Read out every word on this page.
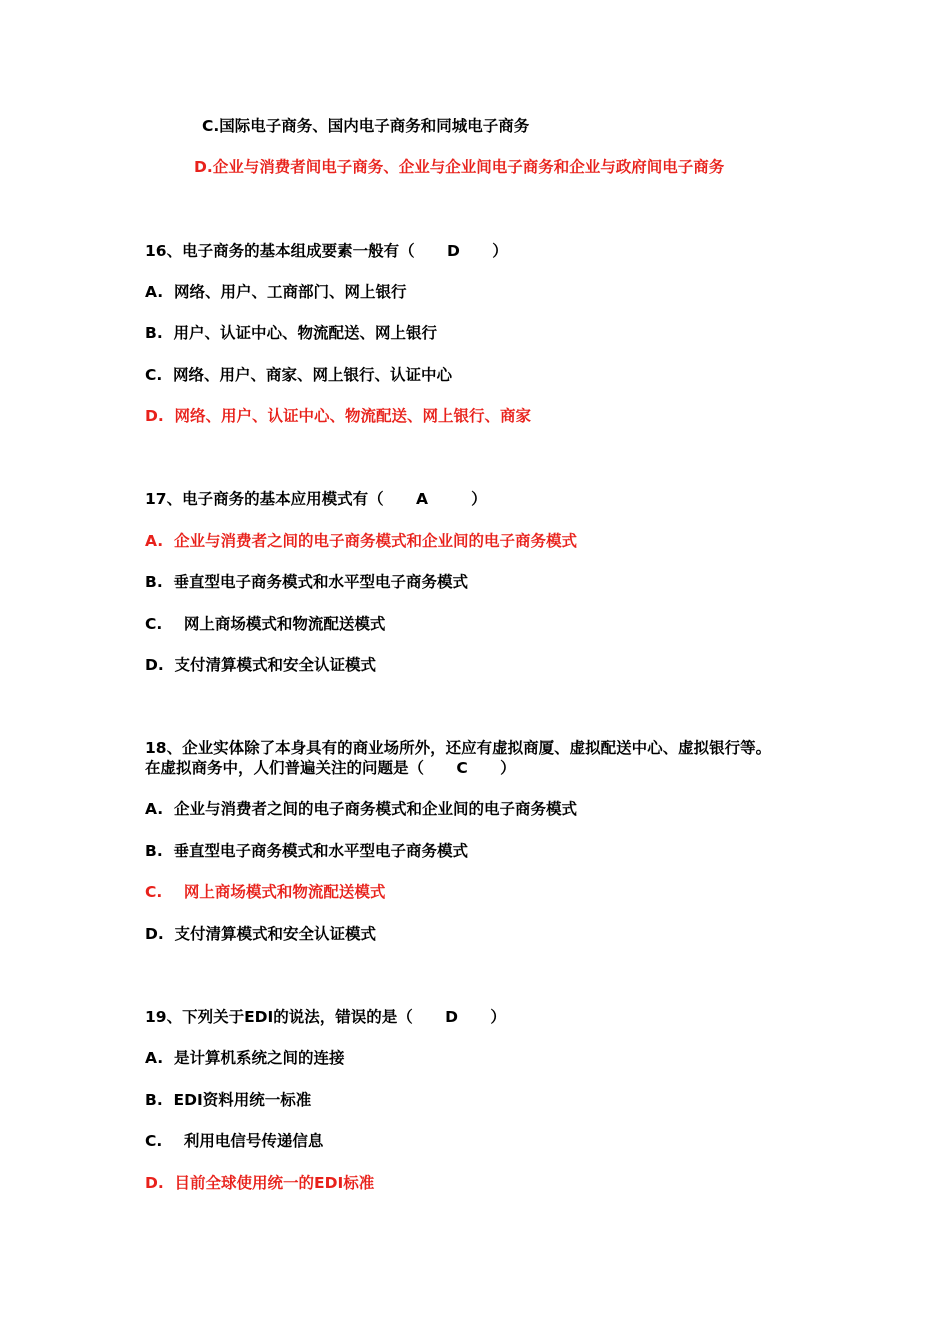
C.国际电子商务、国内电子商务和同城电子商务
D.企业与消费者间电子商务、企业与企业间电子商务和企业与政府间电子商务
16、电子商务的基本组成要素一般有（      D      ）
A.  网络、用户、工商部门、网上银行
B.  用户、认证中心、物流配送、网上银行
C.  网络、用户、商家、网上银行、认证中心
D.  网络、用户、认证中心、物流配送、网上银行、商家
17、电子商务的基本应用模式有（      A        ）
A.  企业与消费者之间的电子商务模式和企业间的电子商务模式
B.  垂直型电子商务模式和水平型电子商务模式
C.    网上商场模式和物流配送模式
D.  支付清算模式和安全认证模式
18、企业实体除了本身具有的商业场所外，还应有虚拟商厦、虚拟配送中心、虚拟银行等。
在虚拟商务中，人们普遍关注的问题是（      C      ）
A.  企业与消费者之间的电子商务模式和企业间的电子商务模式
B.  垂直型电子商务模式和水平型电子商务模式
C.    网上商场模式和物流配送模式
D.  支付清算模式和安全认证模式
19、下列关于EDI的说法，错误的是（      D      ）
A.  是计算机系统之间的连接
B.  EDI资料用统一标准
C.    利用电信号传递信息
D.  目前全球使用统一的EDI标准
